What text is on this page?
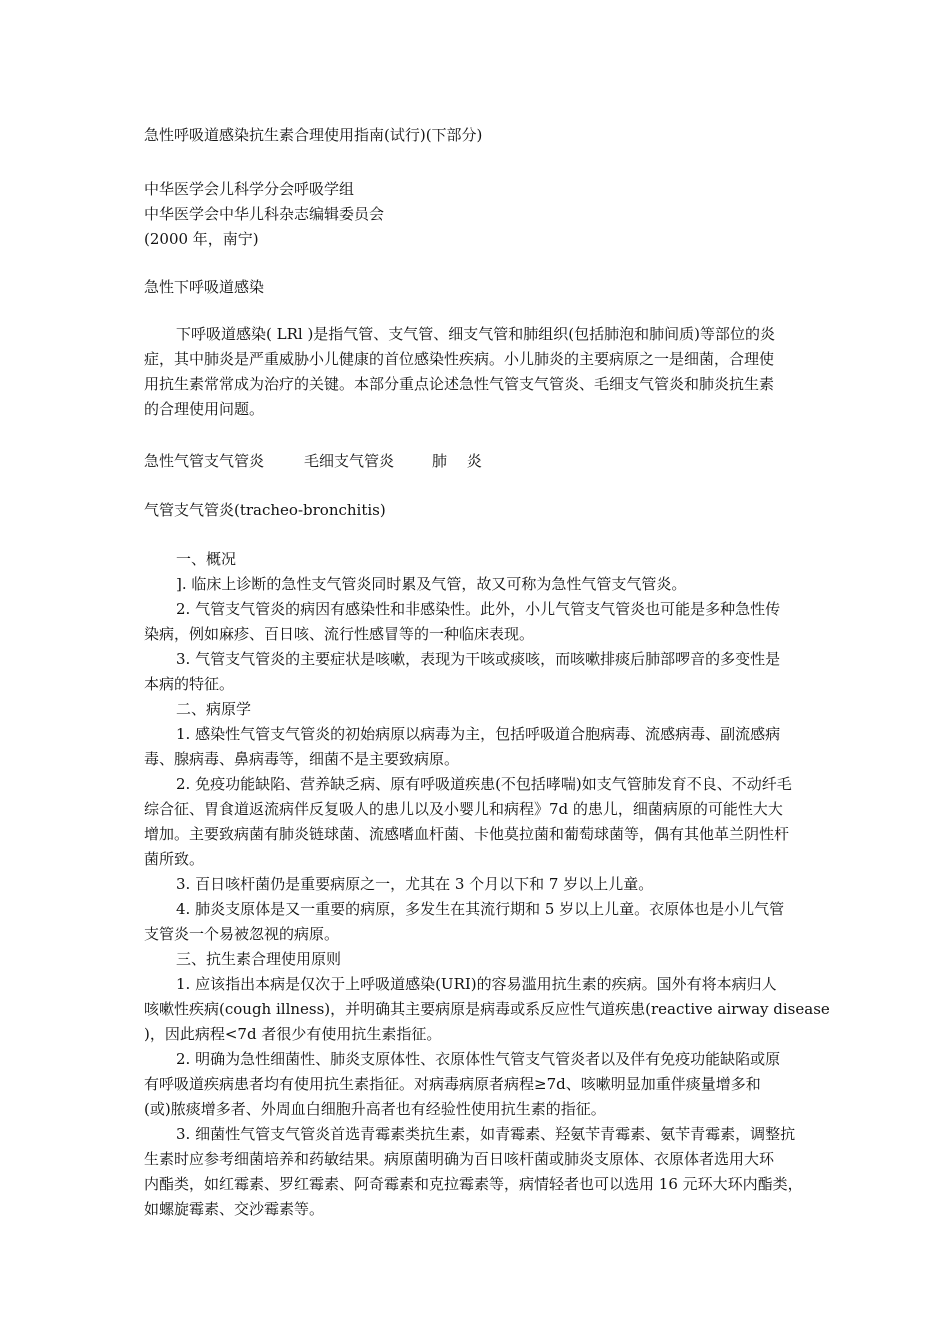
急性呼吸道感染抗生素合理使用指南(试行)(下部分)
中华医学会儿科学分会呼吸学组
中华医学会中华儿科杂志编辑委员会
(2000 年，南宁)
急性下呼吸道感染
下呼吸道感染( LRl )是指气管、支气管、细支气管和肺组织(包括肺泡和肺间质)等部位的炎
症，其中肺炎是严重威胁小儿健康的首位感染性疾病。小儿肺炎的主要病原之一是细菌，合理使
用抗生素常常成为治疗的关键。本部分重点论述急性气管支气管炎、毛细支气管炎和肺炎抗生素
的合理使用问题。
急性气管支气管炎	毛细支气管炎	肺　 炎
气管支气管炎(tracheo-bronchitis)
一、概况
]. 临床上诊断的急性支气管炎同时累及气管，故又可称为急性气管支气管炎。
2. 气管支气管炎的病因有感染性和非感染性。此外，小儿气管支气管炎也可能是多种急性传
染病，例如麻疹、百日咳、流行性感冒等的一种临床表现。
3. 气管支气管炎的主要症状是咳嗽，表现为干咳或痰咳，而咳嗽排痰后肺部啰音的多变性是
本病的特征。
二、病原学
1. 感染性气管支气管炎的初始病原以病毒为主，包括呼吸道合胞病毒、流感病毒、副流感病
毒、腺病毒、鼻病毒等，细菌不是主要致病原。
2. 免疫功能缺陷、营养缺乏病、原有呼吸道疾患(不包括哮喘)如支气管肺发育不良、不动纤毛
综合征、胃食道返流病伴反复吸人的患儿以及小婴儿和病程》7d 的患儿，细菌病原的可能性大大
增加。主要致病菌有肺炎链球菌、流感嗜血杆菌、卡他莫拉菌和葡萄球菌等，偶有其他革兰阴性杆
菌所致。
3. 百日咳杆菌仍是重要病原之一，尤其在 3 个月以下和 7 岁以上儿童。
4. 肺炎支原体是又一重要的病原，多发生在其流行期和 5 岁以上儿童。衣原体也是小儿气管
支管炎一个易被忽视的病原。
三、抗生素合理使用原则
1. 应该指出本病是仅次于上呼吸道感染(URI)的容易滥用抗生素的疾病。国外有将本病归人
咳嗽性疾病(cough illness)，并明确其主要病原是病毒或系反应性气道疾患(reactive airway disease
)，因此病程<7d 者很少有使用抗生素指征。
2. 明确为急性细菌性、肺炎支原体性、衣原体性气管支气管炎者以及伴有免疫功能缺陷或原
有呼吸道疾病患者均有使用抗生素指征。对病毒病原者病程≥7d、咳嗽明显加重伴痰量增多和
(或)脓痰增多者、外周血白细胞升高者也有经验性使用抗生素的指征。
3. 细菌性气管支气管炎首选青霉素类抗生素，如青霉素、羟氨苄青霉素、氨苄青霉素，调整抗
生素时应参考细菌培养和药敏结果。病原菌明确为百日咳杆菌或肺炎支原体、衣原体者选用大环
内酯类，如红霉素、罗红霉素、阿奇霉素和克拉霉素等，病情轻者也可以选用 16 元环大环内酯类，
如螺旋霉素、交沙霉素等。
